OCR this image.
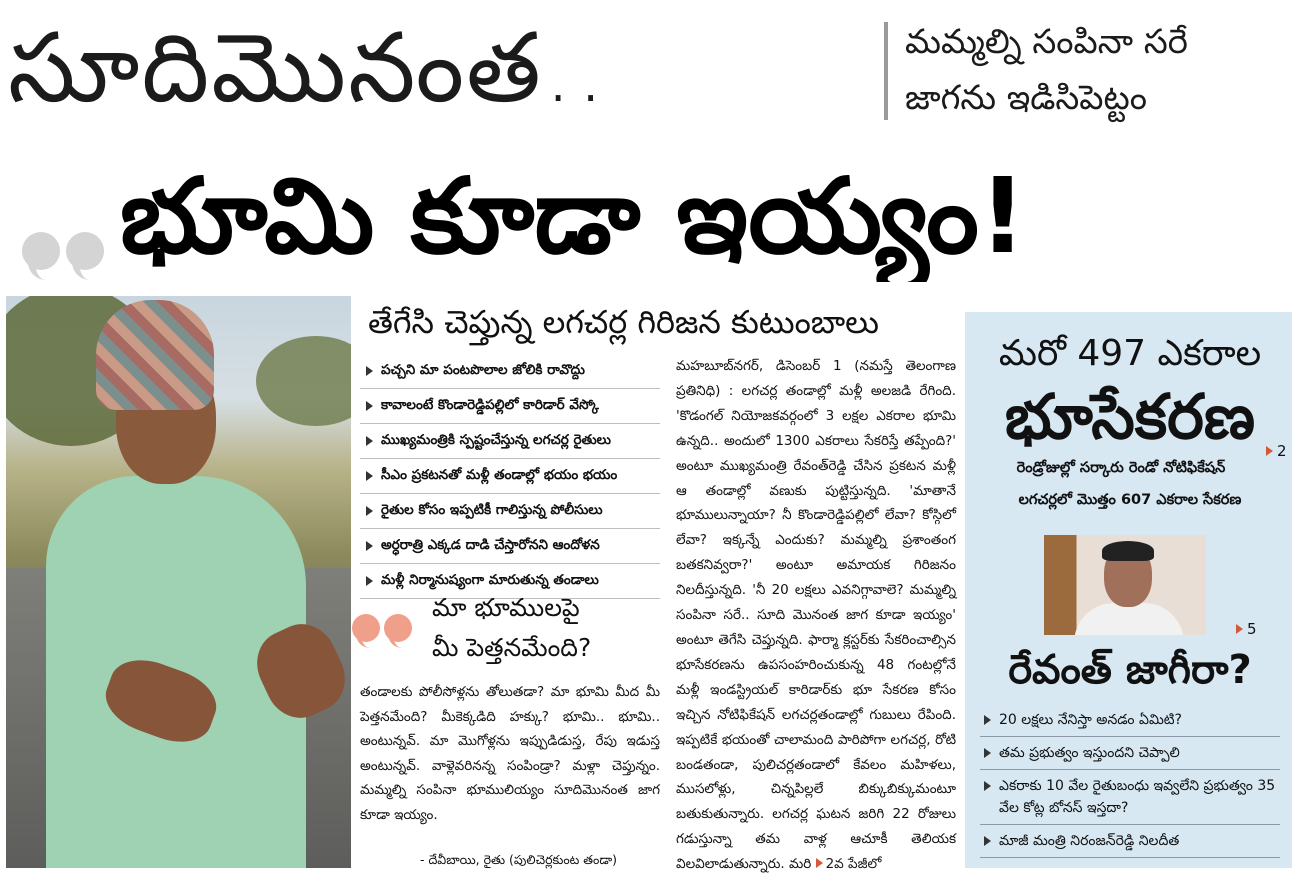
సూదిమొనంత..	మమ్మల్ని సంపినా సరే
జాగను ఇడిసిపెట్టం
భూమి కూడా ఇయ్యం!
తేగేసి చెప్తున్న లగచర్ల గిరిజన కుటుంబాలు
పచ్చని మా పంటపొలాల జోలికి రావొద్దు
కావాలంటే కొండారెడ్డిపల్లిలో కారిడార్ వేస్కో
ముఖ్యమంత్రికి స్పష్టంచేస్తున్న లగచర్ల రైతులు
సీఎం ప్రకటనతో మళ్లీ తండాల్లో భయం భయం
రైతుల కోసం ఇప్పటికీ గాలిస్తున్న పోలీసులు
అర్ధరాత్రి ఎక్కడ దాడి చేస్తారోనని ఆందోళన
మళ్లీ నిర్మానుష్యంగా మారుతున్న తండాలు
మా భూములపై
మీ పెత్తనమేంది?

తండాలకు పోలీసోళ్లను తోలుతడా? మా భూమి మీద మీ పెత్తనమేంది? మీకెక్కడిది హక్కు? భూమి.. భూమి.. అంటున్నవ్. మా మొగోళ్లను ఇప్పుడిడుస్త, రేపు ఇడుస్త అంటున్నవ్. వాళ్లెవరినన్న సంపిండ్రా? మళ్లా చెప్తున్నం. మమ్మల్ని సంపినా భూములియ్యం సూదిమొనంత జాగ కూడా ఇయ్యం.

- దేవీబాయి, రైతు (పులిచెర్లకుంట తండా)

మహబూబ్‌నగర్, డిసెంబర్ 1 (నమస్తే తెలంగాణ ప్రతినిధి) : లగచర్ల తండాల్లో మళ్లీ అలజడి రేగింది. 'కొడంగల్ నియోజకవర్గంలో 3 లక్షల ఎకరాల భూమి ఉన్నది.. అందులో 1300 ఎకరాలు సేకరిస్తే తప్పేంది?' అంటూ ముఖ్యమంత్రి రేవంత్‌రెడ్డి చేసిన ప్రకటన మళ్లీ ఆ తండాల్లో వణుకు పుట్టిస్తున్నది. 'మాతానే భూములున్నాయా? నీ కొండారెడ్డిపల్లిలో లేవా? కోస్గిలో లేవా? ఇక్కన్నే ఎందుకు? మమ్మల్ని ప్రశాంతంగ బతకనివ్వరా?' అంటూ అమాయక గిరిజనం నిలదీస్తున్నది. 'నీ 20 లక్షలు ఎవనిగ్గావాలె? మమ్మల్ని సంపినా సరే.. సూది మొనంత జాగ కూడా ఇయ్యం' అంటూ తెగేసి చెప్తున్నది. ఫార్మా క్లస్టర్‌కు సేకరించాల్సిన భూసేకరణను ఉపసంహరించుకున్న 48 గంటల్లోనే మళ్లీ ఇండస్ట్రియల్ కారిడార్‌కు భూ సేకరణ కోసం ఇచ్చిన నోటిఫికేషన్ లగచర్లతండాల్లో గుబులు రేపింది. ఇప్పటికే భయంతో చాలామంది పారిపోగా లగచర్ల, రోటి బండతండా, పులిచర్లతండాలో కేవలం మహిళలు, ముసలోళ్లు, చిన్నపిల్లలే బిక్కుబిక్కుమంటూ బతుకుతున్నారు. లగచర్ల ఘటన జరిగి 22 రోజులు గడుస్తున్నా తమ వాళ్ల ఆచూకీ తెలియక విలవిలాడుతున్నారు. మరి 2వ పేజీలో

మరో 497 ఎకరాల
భూసేకరణ
రెండ్రోజుల్లో సర్కారు రెండో నోటిఫికేషన్
2
లగచర్లలో మొత్తం 607 ఎకరాల సేకరణ
5
రేవంత్ జాగీరా?
20 లక్షలు నేనిస్తా అనడం ఏమిటి?
తమ ప్రభుత్వం ఇస్తుందని చెప్పాలి
ఎకరాకు 10 వేల రైతుబంధు ఇవ్వలేని ప్రభుత్వం 35 వేల కోట్ల బోనస్ ఇస్తదా?
మాజీ మంత్రి నిరంజన్‌రెడ్డి నిలదీత
